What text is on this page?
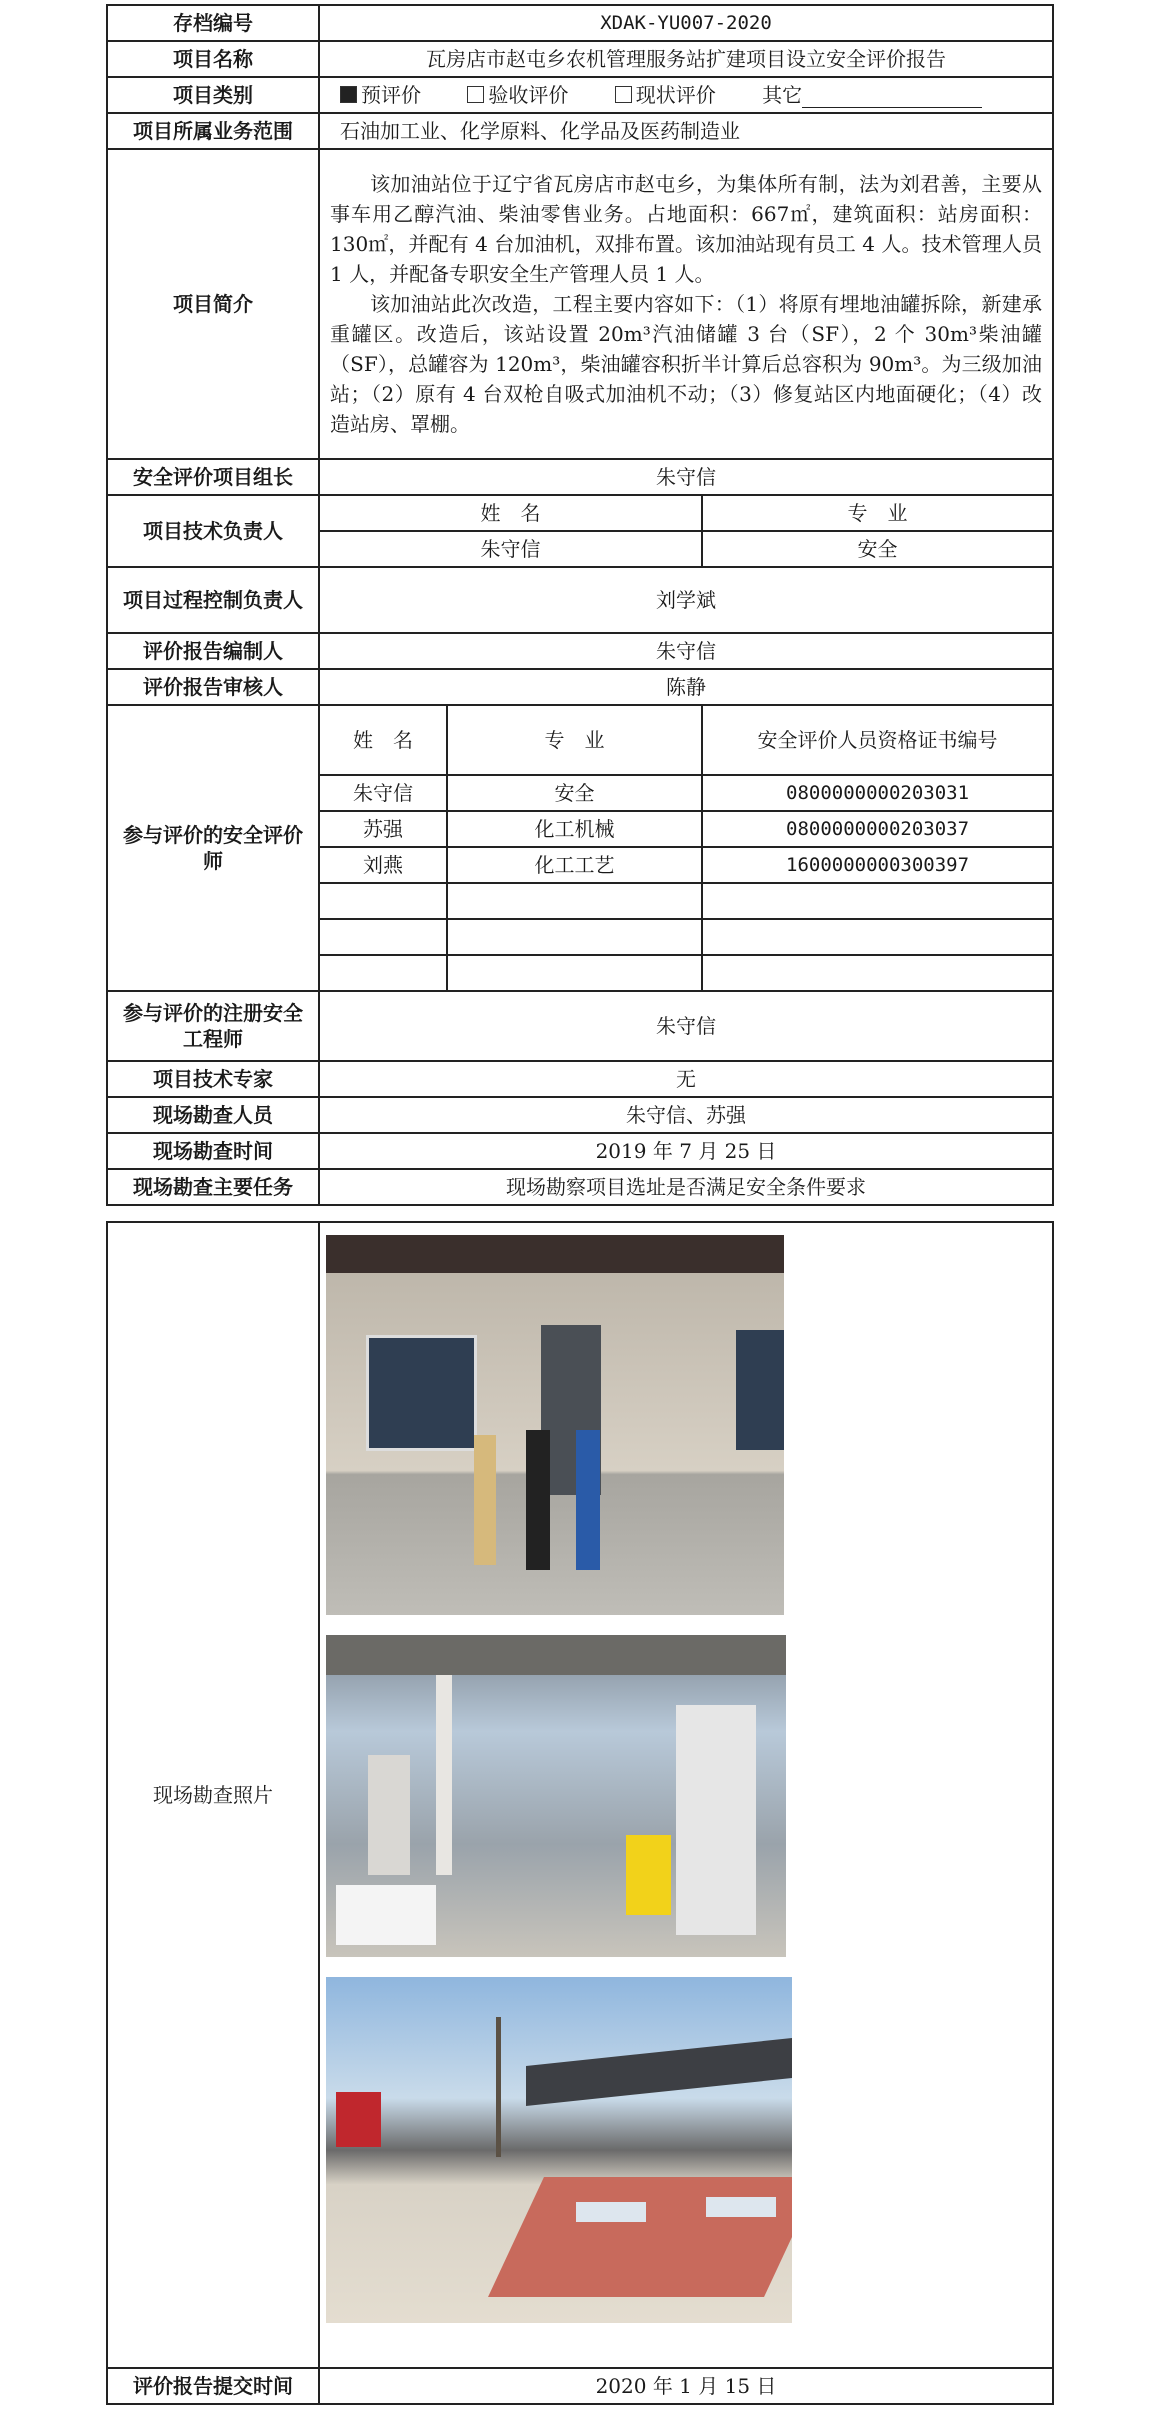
存档编号	XDAK-YU007-2020		
项目名称	瓦房店市赵屯乡农机管理服务站扩建项目设立安全评价报告		
项目类别	预评价 验收评价 现状评价 其它		
项目所属业务范围	石油加工业、化学原料、化学品及医药制造业		
项目简介	该加油站位于辽宁省瓦房店市赵屯乡，为集体所有制，法为刘君善，主要从事车用乙醇汽油、柴油零售业务。占地面积：667㎡，建筑面积：站房面积：130㎡，并配有 4 台加油机，双排布置。该加油站现有员工 4 人。技术管理人员 1 人，并配备专职安全生产管理人员 1 人。

该加油站此次改造，工程主要内容如下：（1）将原有埋地油罐拆除，新建承重罐区。改造后，该站设置 20m³汽油储罐 3 台（SF），2 个 30m³柴油罐（SF），总罐容为 120m³，柴油罐容积折半计算后总容积为 90m³。为三级加油站；（2）原有 4 台双枪自吸式加油机不动；（3）修复站区内地面硬化；（4）改造站房、罩棚。		

安全评价项目组长	朱守信		
项目技术负责人	姓　名		专　业
	朱守信		安全
项目过程控制负责人	刘学斌		
评价报告编制人	朱守信		
评价报告审核人	陈静		
参与评价的安全评价师	姓　名	专　业	安全评价人员资格证书编号
	朱守信	安全	0800000000203031
	苏强	化工机械	0800000000203037
	刘燕	化工工艺	1600000000300397

参与评价的注册安全工程师	朱守信		
项目技术专家	无		
现场勘查人员	朱守信、苏强		
现场勘查时间	2019 年 7 月 25 日		
现场勘查主要任务	现场勘察项目选址是否满足安全条件要求		
现场勘查照片	

评价报告提交时间	2020 年 1 月 15 日
